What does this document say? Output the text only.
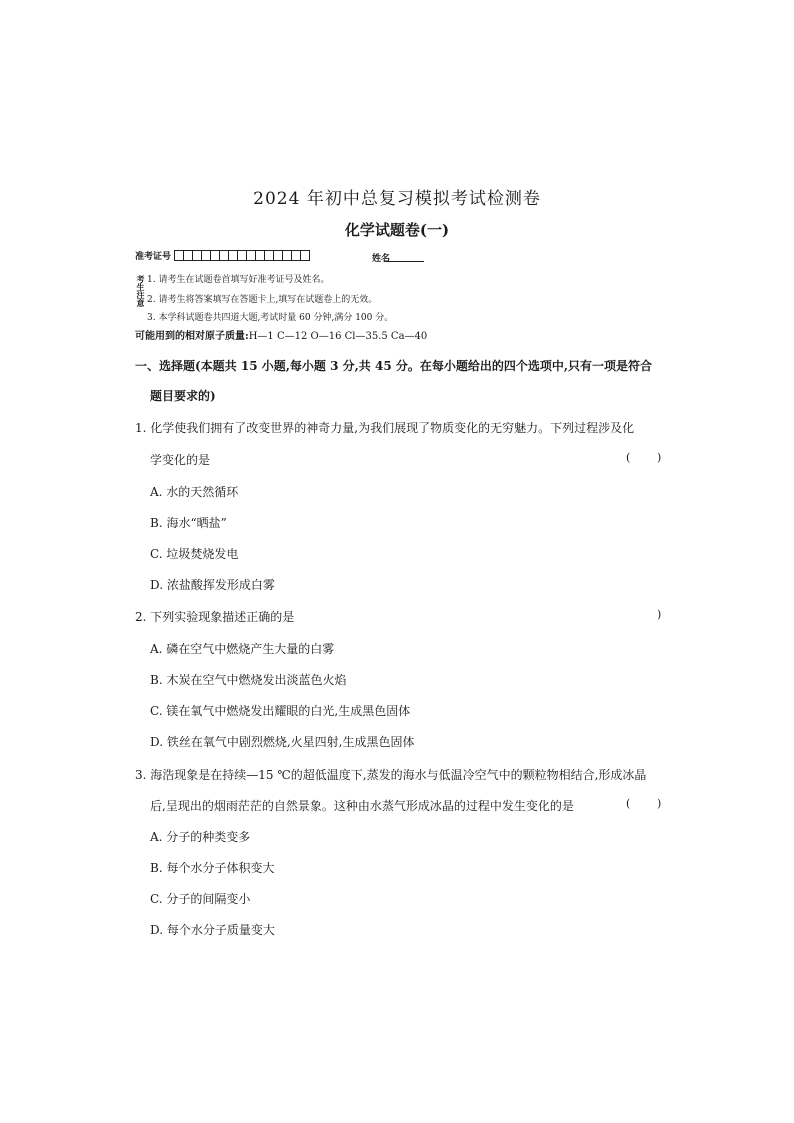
2024 年初中总复习模拟考试检测卷
化学试题卷(一)
准考证号	姓名
考生注意 1. 请考生在试题卷首填写好准考证号及姓名。
2. 请考生将答案填写在答题卡上,填写在试题卷上的无效。
3. 本学科试题卷共四道大题,考试时量 60 分钟,满分 100 分。
可能用到的相对原子质量:H—1 C—12 O—16 Cl—35.5 Ca—40
一、选择题(本题共 15 小题,每小题 3 分,共 45 分。在每小题给出的四个选项中,只有一项是符合
题目要求的)
1. 化学使我们拥有了改变世界的神奇力量,为我们展现了物质变化的无穷魅力。下列过程涉及化
学变化的是	( )
A. 水的天然循环
B. 海水“晒盐”
C. 垃圾焚烧发电
D. 浓盐酸挥发形成白雾
2. 下列实验现象描述正确的是	)
A. 磷在空气中燃烧产生大量的白雾
B. 木炭在空气中燃烧发出淡蓝色火焰
C. 镁在氧气中燃烧发出耀眼的白光,生成黑色固体
D. 铁丝在氧气中剧烈燃烧,火星四射,生成黑色固体
3. 海浩现象是在持续—15 ℃的超低温度下,蒸发的海水与低温冷空气中的颗粒物相结合,形成冰晶
后,呈现出的烟雨茫茫的自然景象。这种由水蒸气形成冰晶的过程中发生变化的是	( )
A. 分子的种类变多
B. 每个水分子体积变大
C. 分子的间隔变小
D. 每个水分子质量变大
